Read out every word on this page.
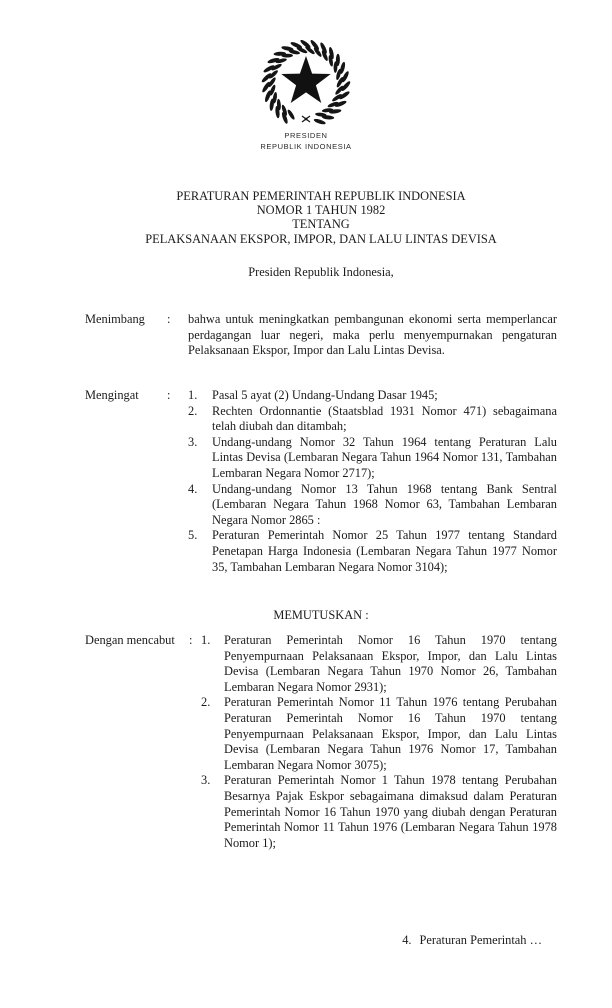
PRESIDEN
REPUBLIK INDONESIA
PERATURAN PEMERINTAH REPUBLIK INDONESIA
NOMOR 1 TAHUN 1982
TENTANG
PELAKSANAAN EKSPOR, IMPOR, DAN LALU LINTAS DEVISA
Presiden Republik Indonesia,
Menimbang	:	bahwa untuk meningkatkan pembangunan ekonomi serta memperlancar perdagangan luar negeri, maka perlu menyempurnakan pengaturan Pelaksanaan Ekspor, Impor dan Lalu Lintas Devisa.
Mengingat	:	1.	Pasal 5 ayat (2) Undang-Undang Dasar 1945;
2.	Rechten Ordonnantie (Staatsblad 1931 Nomor 471) sebagaimana telah diubah dan ditambah;
3.	Undang-undang Nomor 32 Tahun 1964 tentang Peraturan Lalu Lintas Devisa (Lembaran Negara Tahun 1964 Nomor 131, Tambahan Lembaran Negara Nomor 2717);
4.	Undang-undang Nomor 13 Tahun 1968 tentang Bank Sentral (Lembaran Negara Tahun 1968 Nomor 63, Tambahan Lembaran Negara Nomor 2865 :
5.	Peraturan Pemerintah Nomor 25 Tahun 1977 tentang Standard Penetapan Harga Indonesia (Lembaran Negara Tahun 1977 Nomor 35, Tambahan Lembaran Negara Nomor 3104);
MEMUTUSKAN :
Dengan mencabut	: 1.	Peraturan Pemerintah Nomor 16 Tahun 1970 tentang Penyempurnaan Pelaksanaan Ekspor, Impor, dan Lalu Lintas Devisa (Lembaran Negara Tahun 1970 Nomor 26, Tambahan Lembaran Negara Nomor 2931);
2.	Peraturan Pemerintah Nomor 11 Tahun 1976 tentang Perubahan Peraturan Pemerintah Nomor 16 Tahun 1970 tentang Penyempurnaan Pelaksanaan Ekspor, Impor, dan Lalu Lintas Devisa (Lembaran Negara Tahun 1976 Nomor 17, Tambahan Lembaran Negara Nomor 3075);
3.	Peraturan Pemerintah Nomor 1 Tahun 1978 tentang Perubahan Besarnya Pajak Eskpor sebagaimana dimaksud dalam Peraturan Pemerintah Nomor 16 Tahun 1970 yang diubah dengan Peraturan Pemerintah Nomor 11 Tahun 1976 (Lembaran Negara Tahun 1978 Nomor 1);
4. Peraturan Pemerintah …
